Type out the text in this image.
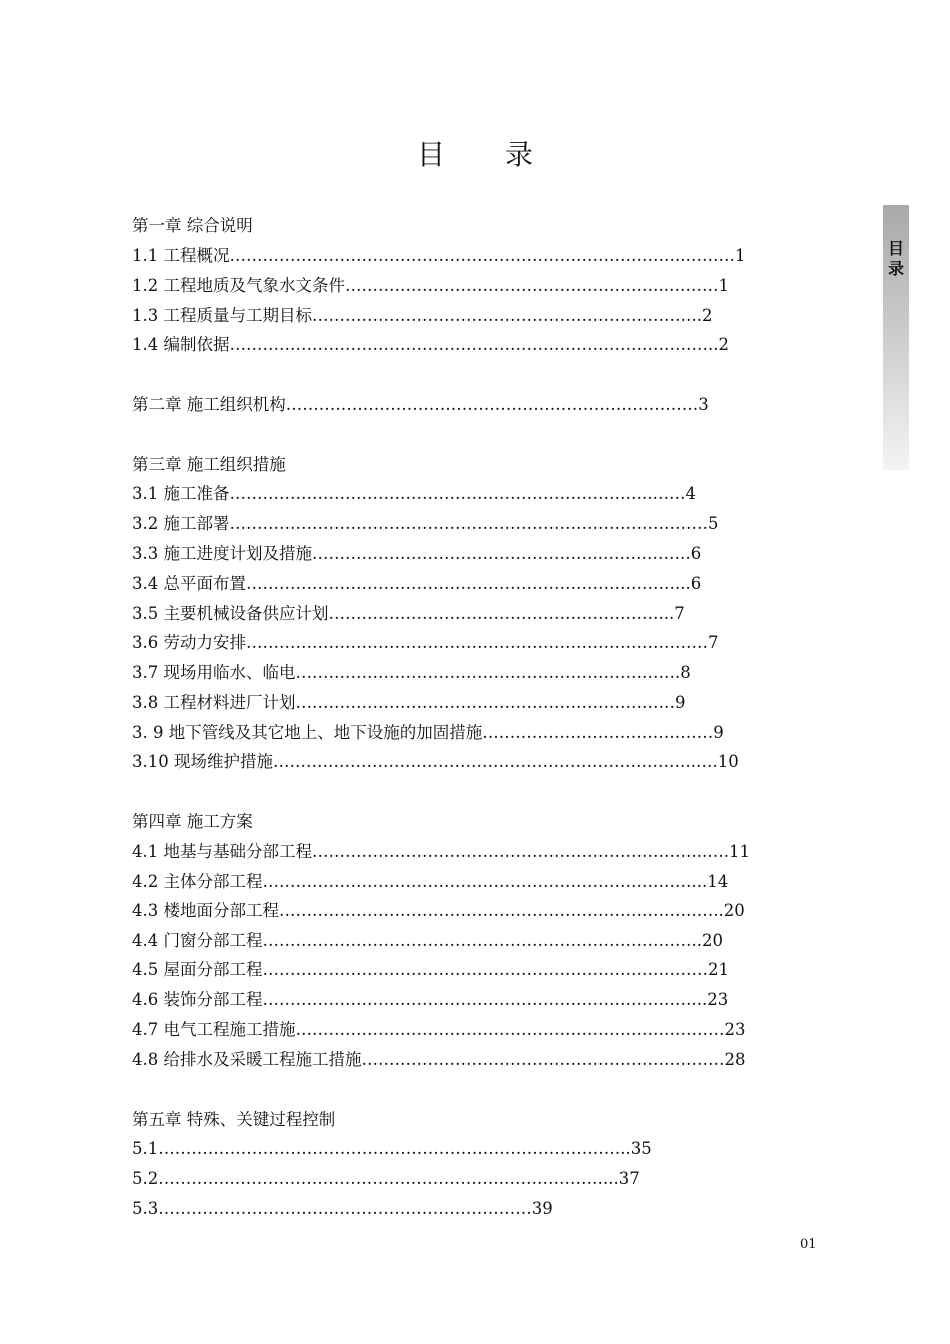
目 录
目录
第一章 综合说明
1.1 工程概况………………………………………………………………………..………1
1.2 工程地质及气象水文条件…………………………………………………..………1
1.3 工程质量与工期目标……………………………………………………………..2
1.4 编制依据……………………………………………………………………………..2
第二章 施工组织机构…………………………………………………………………3
第三章 施工组织措施
3.1 施工准备…………………………………………………………………..……4
3.2 施工部署……………………………………………………………………………5
3.3 施工进度计划及措施……………………………………………..…………….6
3.4 总平面布置……………………………………………………………………...6
3.5 主要机械设备供应计划……………………………………………………...7
3.6 劳动力安排…………………………………………………………………………7
3.7 现场用临水、临电…………………………………………………………….8
3.8 工程材料进厂计划……………………………………………………………9
3. 9 地下管线及其它地上、地下设施的加固措施……………………………………9
3.10 现场维护措施…………………………………………………………………..….10
第四章 施工方案
4.1 地基与基础分部工程……………………………………………………………...….11
4.2 主体分部工程……………………………………………………………………...14
4.3 楼地面分部工程………………………………………………………………….…..20
4.4 门窗分部工程……………………………………………………………………..20
4.5 屋面分部工程………………………………………………………………………21
4.6 装饰分部工程……………………………………………………………………...23
4.7 电气工程施工措施……………………………………………………………………23
4.8 给排水及采暖工程施工措施…………………………………………………………28
第五章 特殊、关键过程控制
5.1…………………………………………………………………………..35
5.2…………..………………………………………….………………...37
5.3…………………………..………………………………39
01
